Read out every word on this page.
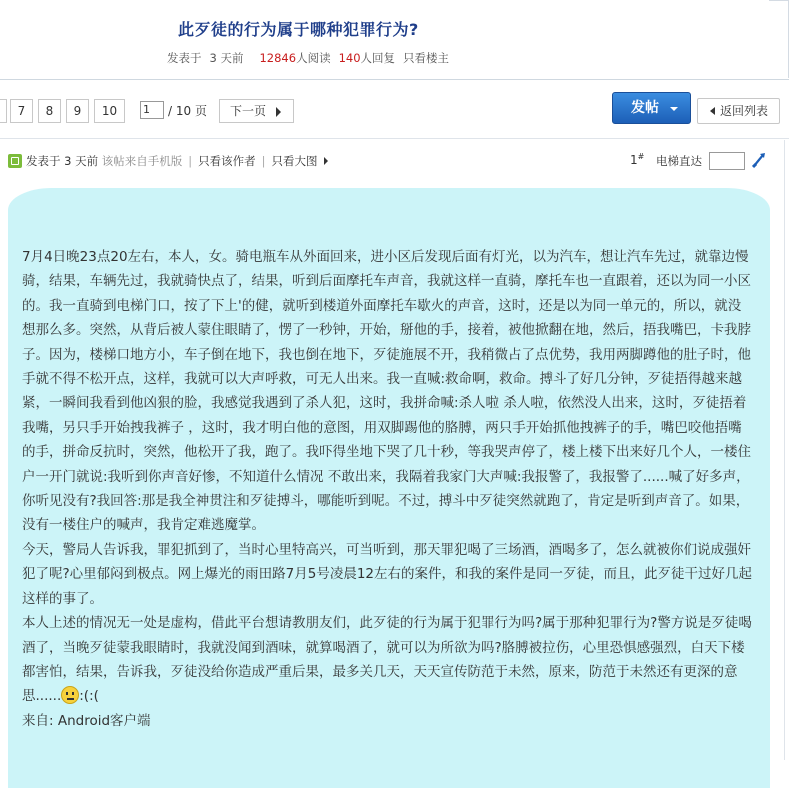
此歹徒的行为属于哪种犯罪行为?
发表于 3 天前 12846人阅读 140人回复 只看楼主
7	8	9	10	1	/ 10 页	下一页	发帖	返回列表
发表于 3 天前 该帖来自手机版 | 只看该作者 | 只看大图	1# 电梯直达

7月4日晚23点20左右，本人，女。骑电瓶车从外面回来，进小区后发现后面有灯光，以为汽车，想让汽车先过，就靠边慢骑，结果，车辆先过，我就骑快点了，结果，听到后面摩托车声音，我就这样一直骑，摩托车也一直跟着，还以为同一小区的。我一直骑到电梯门口，按了下上'的健，就听到楼道外面摩托车歇火的声音，这时，还是以为同一单元的，所以，就没想那么多。突然，从背后被人蒙住眼睛了，愣了一秒钟，开始，掰他的手，接着，被他掀翻在地，然后，捂我嘴巴，卡我脖子。因为，楼梯口地方小，车子倒在地下，我也倒在地下，歹徒施展不开，我稍微占了点优势，我用两脚蹲他的肚子时，他手就不得不松开点，这样，我就可以大声呼救，可无人出来。我一直喊:救命啊，救命。搏斗了好几分钟，歹徒捂得越来越紧，一瞬间我看到他凶狠的脸，我感觉我遇到了杀人犯，这时，我拼命喊:杀人啦 杀人啦，依然没人出来，这时，歹徒捂着我嘴，另只手开始拽我裤子 ，这时，我才明白他的意图，用双脚踢他的胳膊，两只手开始抓他拽裤子的手，嘴巴咬他捂嘴的手，拼命反抗时，突然，他松开了我，跑了。我吓得坐地下哭了几十秒，等我哭声停了，楼上楼下出来好几个人，一楼住户一开门就说:我听到你声音好惨，不知道什么情况 不敢出来，我隔着我家门大声喊:我报警了，我报警了......喊了好多声，你听见没有?我回答:那是我全神贯注和歹徒搏斗，哪能听到呢。不过，搏斗中歹徒突然就跑了，肯定是听到声音了。如果，没有一楼住户的喊声，我肯定难逃魔掌。

今天，警局人告诉我，罪犯抓到了，当时心里特高兴，可当听到，那天罪犯喝了三场酒，酒喝多了，怎么就被你们说成强奸犯了呢?心里郁闷到极点。网上爆光的雨田路7月5号凌晨12左右的案件，和我的案件是同一歹徒，而且，此歹徒干过好几起这样的事了。

本人上述的情况无一处是虚构，借此平台想请教朋友们，此歹徒的行为属于犯罪行为吗?属于那种犯罪行为?警方说是歹徒喝酒了，当晚歹徒蒙我眼睛时，我就没闻到酒味，就算喝酒了，就可以为所欲为吗?胳膊被拉伤，心里恐惧感强烈，白天下楼都害怕，结果，告诉我，歹徒没给你造成严重后果，最多关几天，天天宣传防范于未然，原来，防范于未然还有更深的意思...... :(:(

来自: Android客户端
